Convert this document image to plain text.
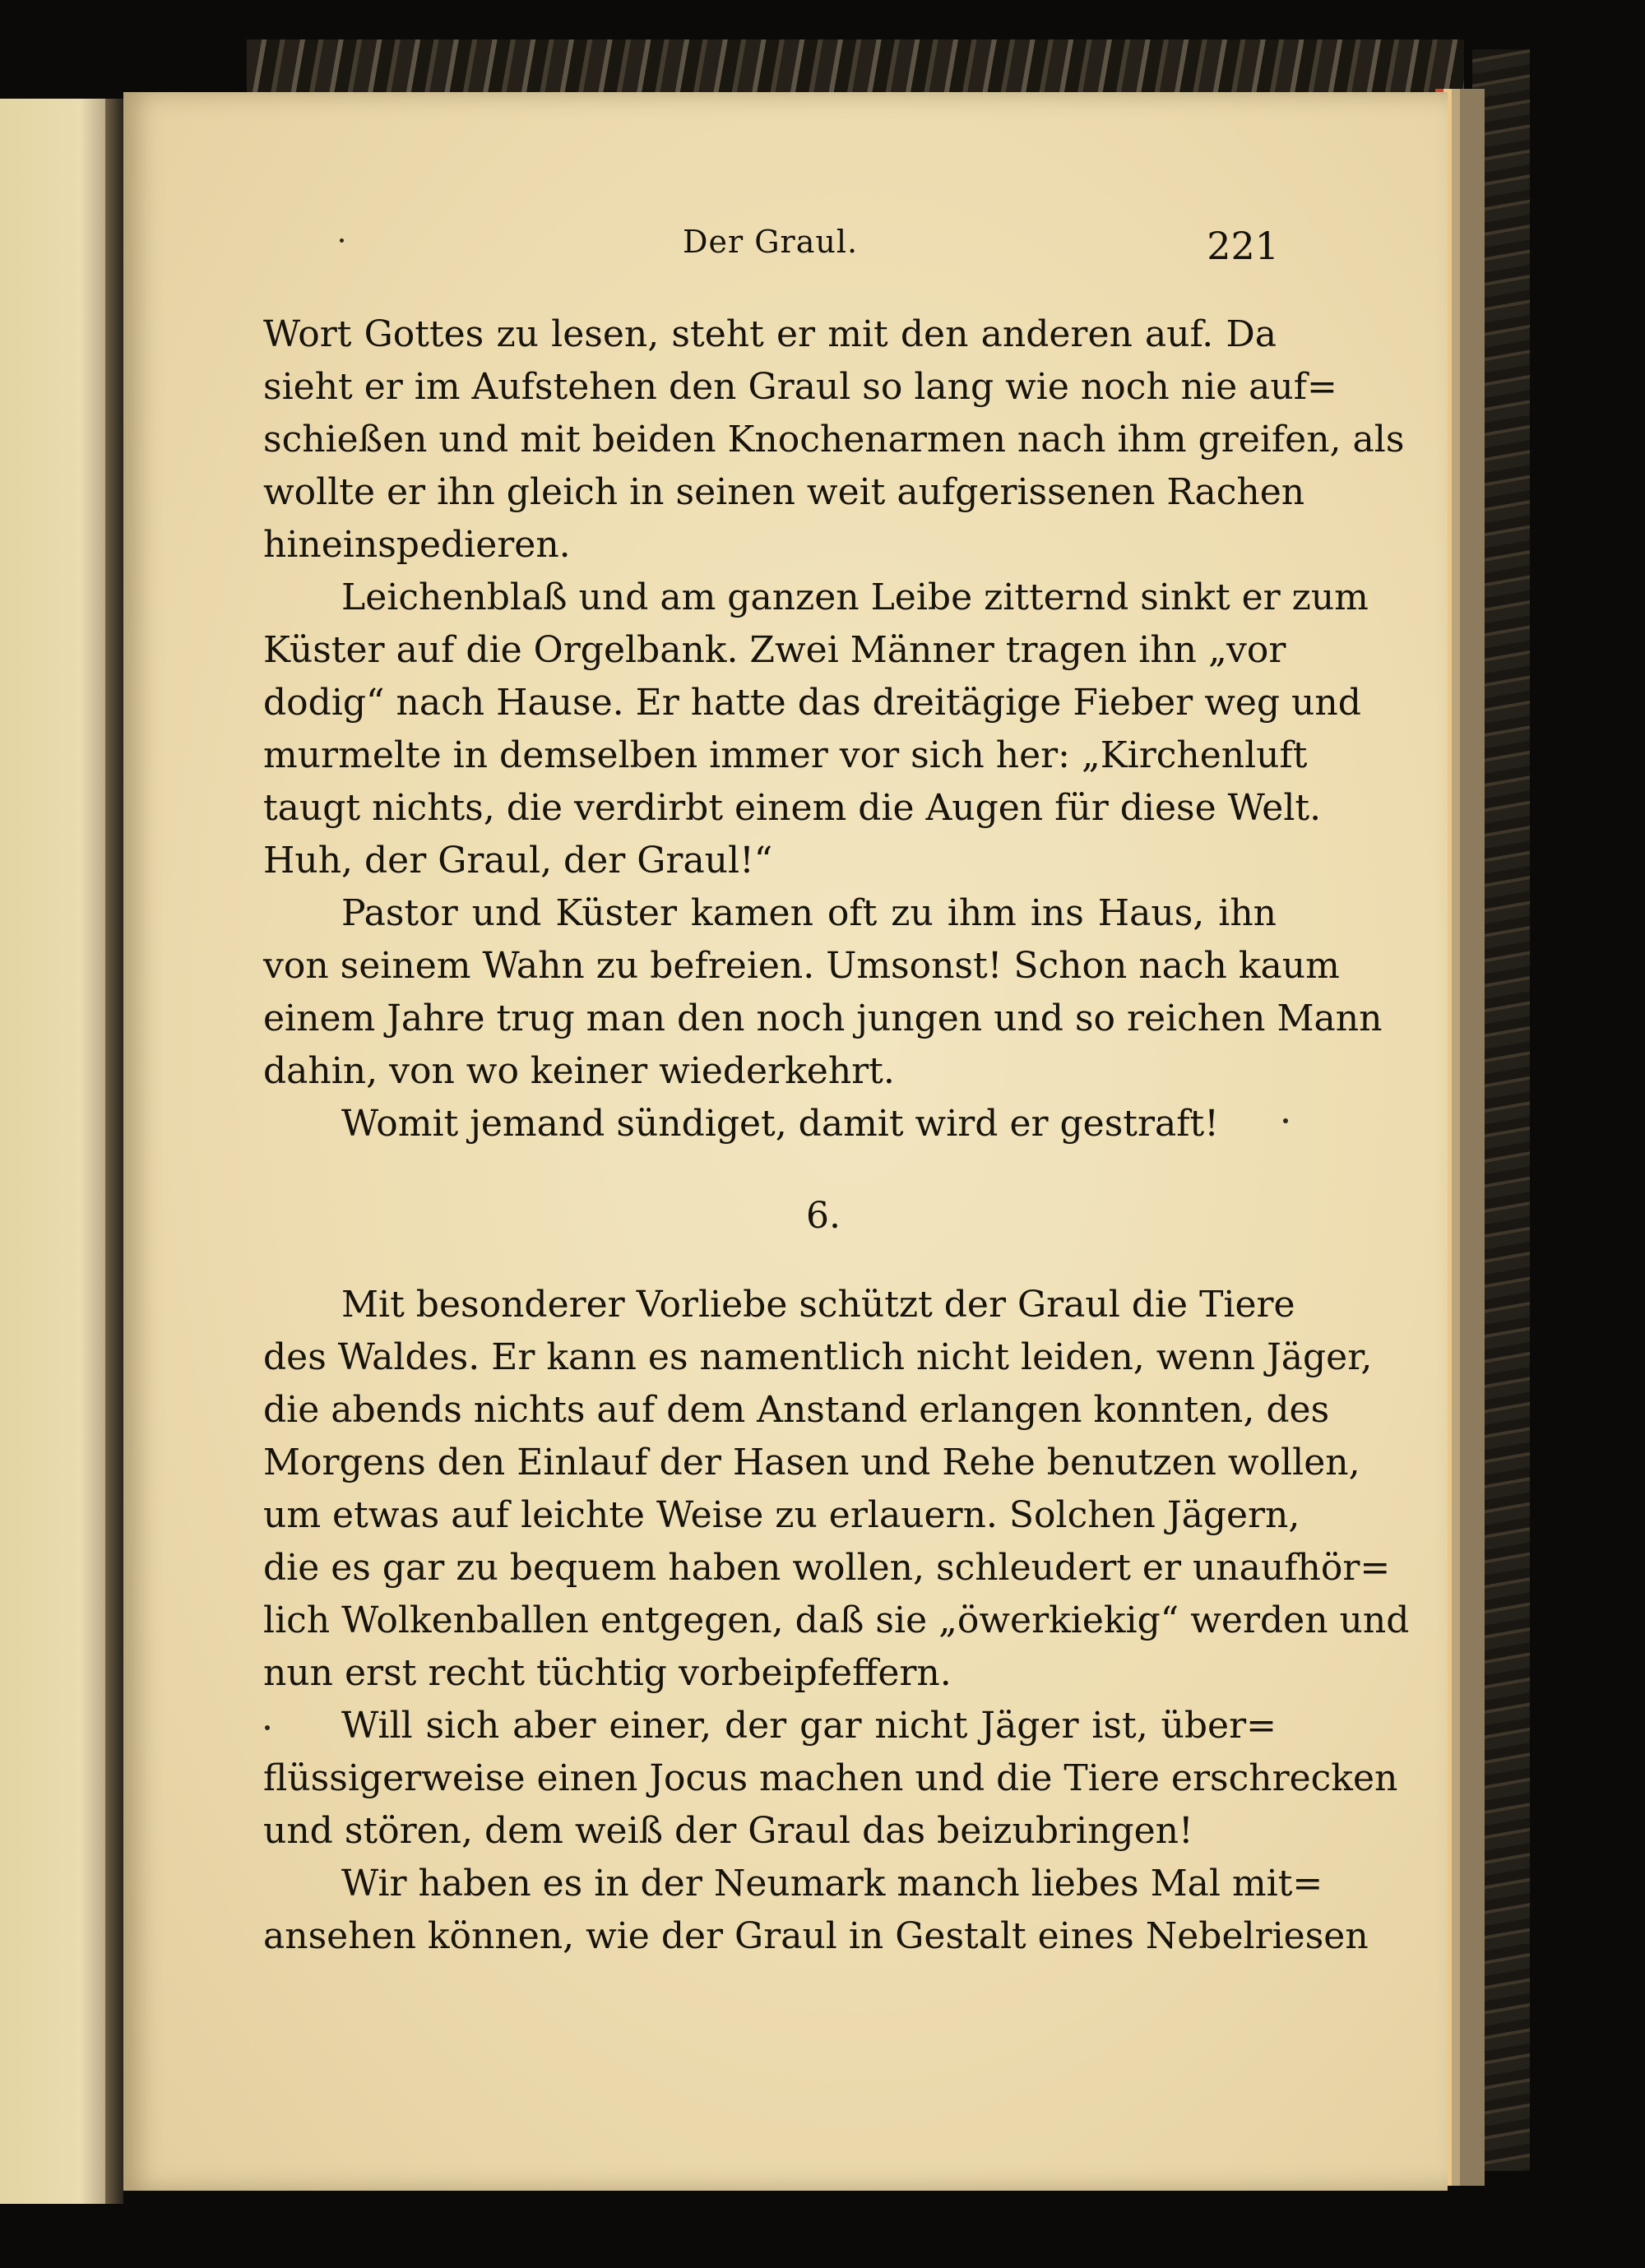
Der Graul.	221
Wort Gottes zu lesen, steht er mit den anderen auf. Da
sieht er im Aufstehen den Graul so lang wie noch nie auf=
schießen und mit beiden Knochenarmen nach ihm greifen, als
wollte er ihn gleich in seinen weit aufgerissenen Rachen
hineinspedieren.
Leichenblaß und am ganzen Leibe zitternd sinkt er zum
Küster auf die Orgelbank. Zwei Männer tragen ihn „vor
dodig“ nach Hause. Er hatte das dreitägige Fieber weg und
murmelte in demselben immer vor sich her: „Kirchenluft
taugt nichts, die verdirbt einem die Augen für diese Welt.
Huh, der Graul, der Graul!“
Pastor und Küster kamen oft zu ihm ins Haus, ihn
von seinem Wahn zu befreien. Umsonst! Schon nach kaum
einem Jahre trug man den noch jungen und so reichen Mann
dahin, von wo keiner wiederkehrt.
Womit jemand sündiget, damit wird er gestraft!
6.
Mit besonderer Vorliebe schützt der Graul die Tiere
des Waldes. Er kann es namentlich nicht leiden, wenn Jäger,
die abends nichts auf dem Anstand erlangen konnten, des
Morgens den Einlauf der Hasen und Rehe benutzen wollen,
um etwas auf leichte Weise zu erlauern. Solchen Jägern,
die es gar zu bequem haben wollen, schleudert er unaufhör=
lich Wolkenballen entgegen, daß sie „öwerkiekig“ werden und
nun erst recht tüchtig vorbeipfeffern.
Will sich aber einer, der gar nicht Jäger ist, über=
flüssigerweise einen Jocus machen und die Tiere erschrecken
und stören, dem weiß der Graul das beizubringen!
Wir haben es in der Neumark manch liebes Mal mit=
ansehen können, wie der Graul in Gestalt eines Nebelriesen
